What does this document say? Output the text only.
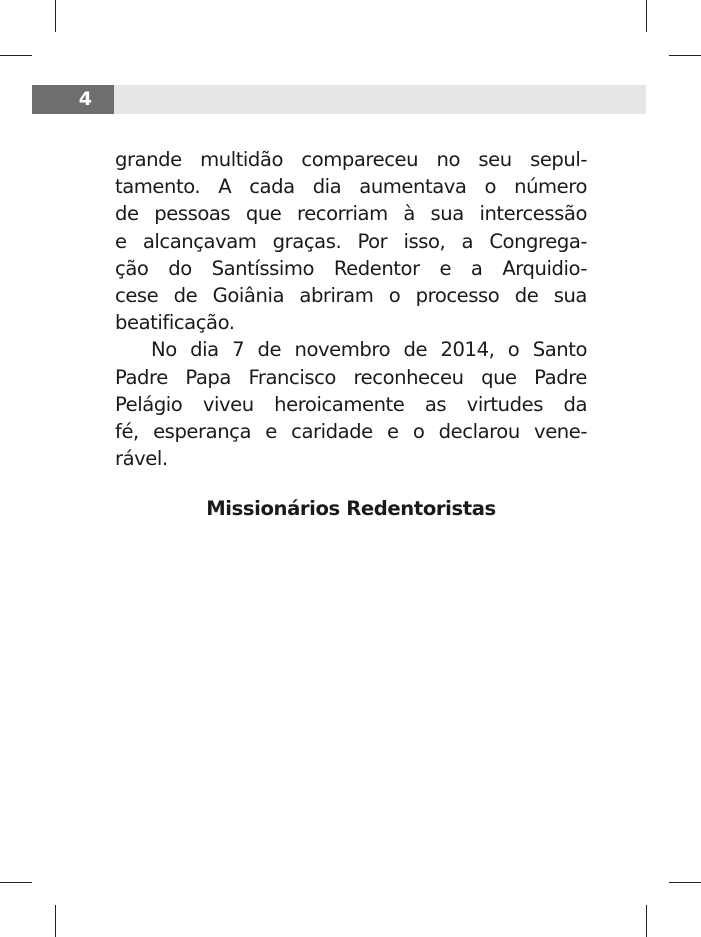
4

grande multidão compareceu no seu sepul-
tamento. A cada dia aumentava o número
de pessoas que recorriam à sua intercessão
e alcançavam graças. Por isso, a Congrega-
ção do Santíssimo Redentor e a Arquidio-
cese de Goiânia abriram o processo de sua
beatificação.

No dia 7 de novembro de 2014, o Santo
Padre Papa Francisco reconheceu que Padre
Pelágio viveu heroicamente as virtudes da
fé, esperança e caridade e o declarou vene-
rável.

Missionários Redentoristas
